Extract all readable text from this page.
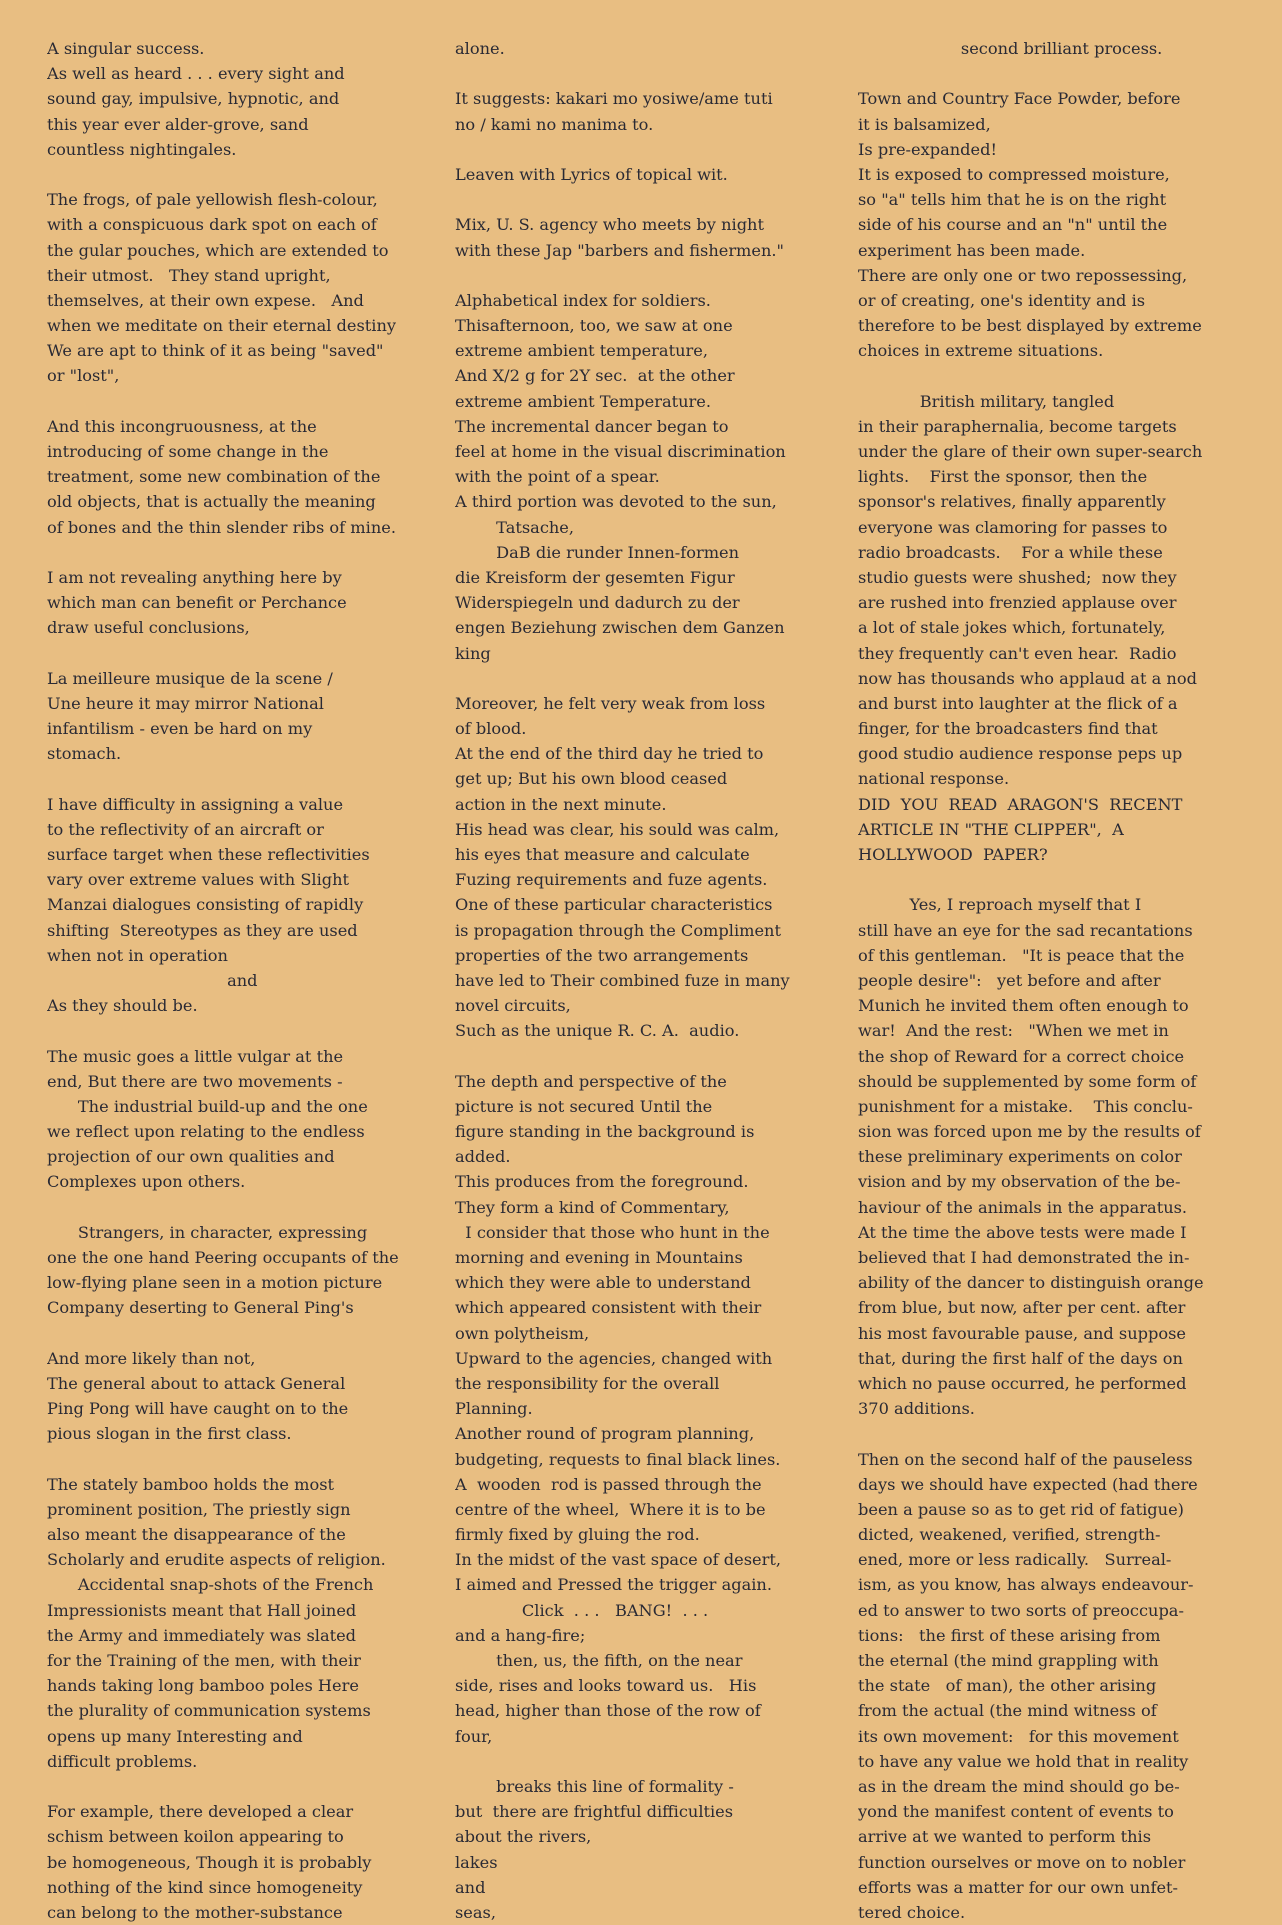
A singular success.
As well as heard . . . every sight and
sound gay, impulsive, hypnotic, and
this year ever alder-grove, sand
countless nightingales.
The frogs, of pale yellowish flesh-colour,
with a conspicuous dark spot on each of
the gular pouches, which are extended to
their utmost.   They stand upright,
themselves, at their own expese.   And
when we meditate on their eternal destiny
We are apt to think of it as being "saved"
or "lost",
And this incongruousness, at the
introducing of some change in the
treatment, some new combination of the
old objects, that is actually the meaning
of bones and the thin slender ribs of mine.
I am not revealing anything here by
which man can benefit or Perchance
draw useful conclusions,
La meilleure musique de la scene /
Une heure it may mirror National
infantilism - even be hard on my
stomach.
I have difficulty in assigning a value
to the reflectivity of an aircraft or
surface target when these reflectivities
vary over extreme values with Slight
Manzai dialogues consisting of rapidly
shifting  Stereotypes as they are used
when not in operation
and
As they should be.
The music goes a little vulgar at the
end, But there are two movements -
The industrial build-up and the one
we reflect upon relating to the endless
projection of our own qualities and
Complexes upon others.
Strangers, in character, expressing
one the one hand Peering occupants of the
low-flying plane seen in a motion picture
Company deserting to General Ping's
And more likely than not,
The general about to attack General
Ping Pong will have caught on to the
pious slogan in the first class.
The stately bamboo holds the most
prominent position, The priestly sign
also meant the disappearance of the
Scholarly and erudite aspects of religion.
Accidental snap-shots of the French
Impressionists meant that Hall joined
the Army and immediately was slated
for the Training of the men, with their
hands taking long bamboo poles Here
the plurality of communication systems
opens up many Interesting and
difficult problems.
For example, there developed a clear
schism between koilon appearing to
be homogeneous, Though it is probably
nothing of the kind since homogeneity
can belong to the mother-substance
alone.
It suggests: kakari mo yosiwe/ame tuti
no / kami no manima to.
Leaven with Lyrics of topical wit.
Mix, U. S. agency who meets by night
with these Jap "barbers and fishermen."
Alphabetical index for soldiers.
Thisafternoon, too, we saw at one
extreme ambient temperature,
And X/2 g for 2Y sec.  at the other
extreme ambient Temperature.
The incremental dancer began to
feel at home in the visual discrimination
with the point of a spear.
A third portion was devoted to the sun,
Tatsache,
DaB die runder Innen-formen
die Kreisform der gesemten Figur
Widerspiegeln und dadurch zu der
engen Beziehung zwischen dem Ganzen
king
Moreover, he felt very weak from loss
of blood.
At the end of the third day he tried to
get up; But his own blood ceased
action in the next minute.
His head was clear, his sould was calm,
his eyes that measure and calculate
Fuzing requirements and fuze agents.
One of these particular characteristics
is propagation through the Compliment
properties of the two arrangements
have led to Their combined fuze in many
novel circuits,
Such as the unique R. C. A.  audio.
The depth and perspective of the
picture is not secured Until the
figure standing in the background is
added.
This produces from the foreground.
They form a kind of Commentary,
I consider that those who hunt in the
morning and evening in Mountains
which they were able to understand
which appeared consistent with their
own polytheism,
Upward to the agencies, changed with
the responsibility for the overall
Planning.
Another round of program planning,
budgeting, requests to final black lines.
A  wooden  rod is passed through the
centre of the wheel,  Where it is to be
firmly fixed by gluing the rod.
In the midst of the vast space of desert,
I aimed and Pressed the trigger again.
Click  . . .   BANG!  . . .
and a hang-fire;
then, us, the fifth, on the near
side, rises and looks toward us.   His
head, higher than those of the row of
four,
breaks this line of formality -
but  there are frightful difficulties
about the rivers,
lakes
and
seas,
second brilliant process.
Town and Country Face Powder, before
it is balsamized,
Is pre-expanded!
It is exposed to compressed moisture,
so "a" tells him that he is on the right
side of his course and an "n" until the
experiment has been made.
There are only one or two repossessing,
or of creating, one's identity and is
therefore to be best displayed by extreme
choices in extreme situations.
British military, tangled
in their paraphernalia, become targets
under the glare of their own super-search
lights.    First the sponsor, then the
sponsor's relatives, finally apparently
everyone was clamoring for passes to
radio broadcasts.    For a while these
studio guests were shushed;  now they
are rushed into frenzied applause over
a lot of stale jokes which, fortunately,
they frequently can't even hear.  Radio
now has thousands who applaud at a nod
and burst into laughter at the flick of a
finger, for the broadcasters find that
good studio audience response peps up
national response.
DID  YOU  READ  ARAGON'S  RECENT
ARTICLE IN "THE CLIPPER",  A
HOLLYWOOD  PAPER?
Yes, I reproach myself that I
still have an eye for the sad recantations
of this gentleman.   "It is peace that the
people desire":   yet before and after
Munich he invited them often enough to
war!  And the rest:   "When we met in
the shop of Reward for a correct choice
should be supplemented by some form of
punishment for a mistake.    This conclu-
sion was forced upon me by the results of
these preliminary experiments on color
vision and by my observation of the be-
haviour of the animals in the apparatus.
At the time the above tests were made I
believed that I had demonstrated the in-
ability of the dancer to distinguish orange
from blue, but now, after per cent. after
his most favourable pause, and suppose
that, during the first half of the days on
which no pause occurred, he performed
370 additions.
Then on the second half of the pauseless
days we should have expected (had there
been a pause so as to get rid of fatigue)
dicted, weakened, verified, strength-
ened, more or less radically.   Surreal-
ism, as you know, has always endeavour-
ed to answer to two sorts of preoccupa-
tions:   the first of these arising from
the eternal (the mind grappling with
the state   of man), the other arising
from the actual (the mind witness of
its own movement:   for this movement
to have any value we hold that in reality
as in the dream the mind should go be-
yond the manifest content of events to
arrive at we wanted to perform this
function ourselves or move on to nobler
efforts was a matter for our own unfet-
tered choice.
